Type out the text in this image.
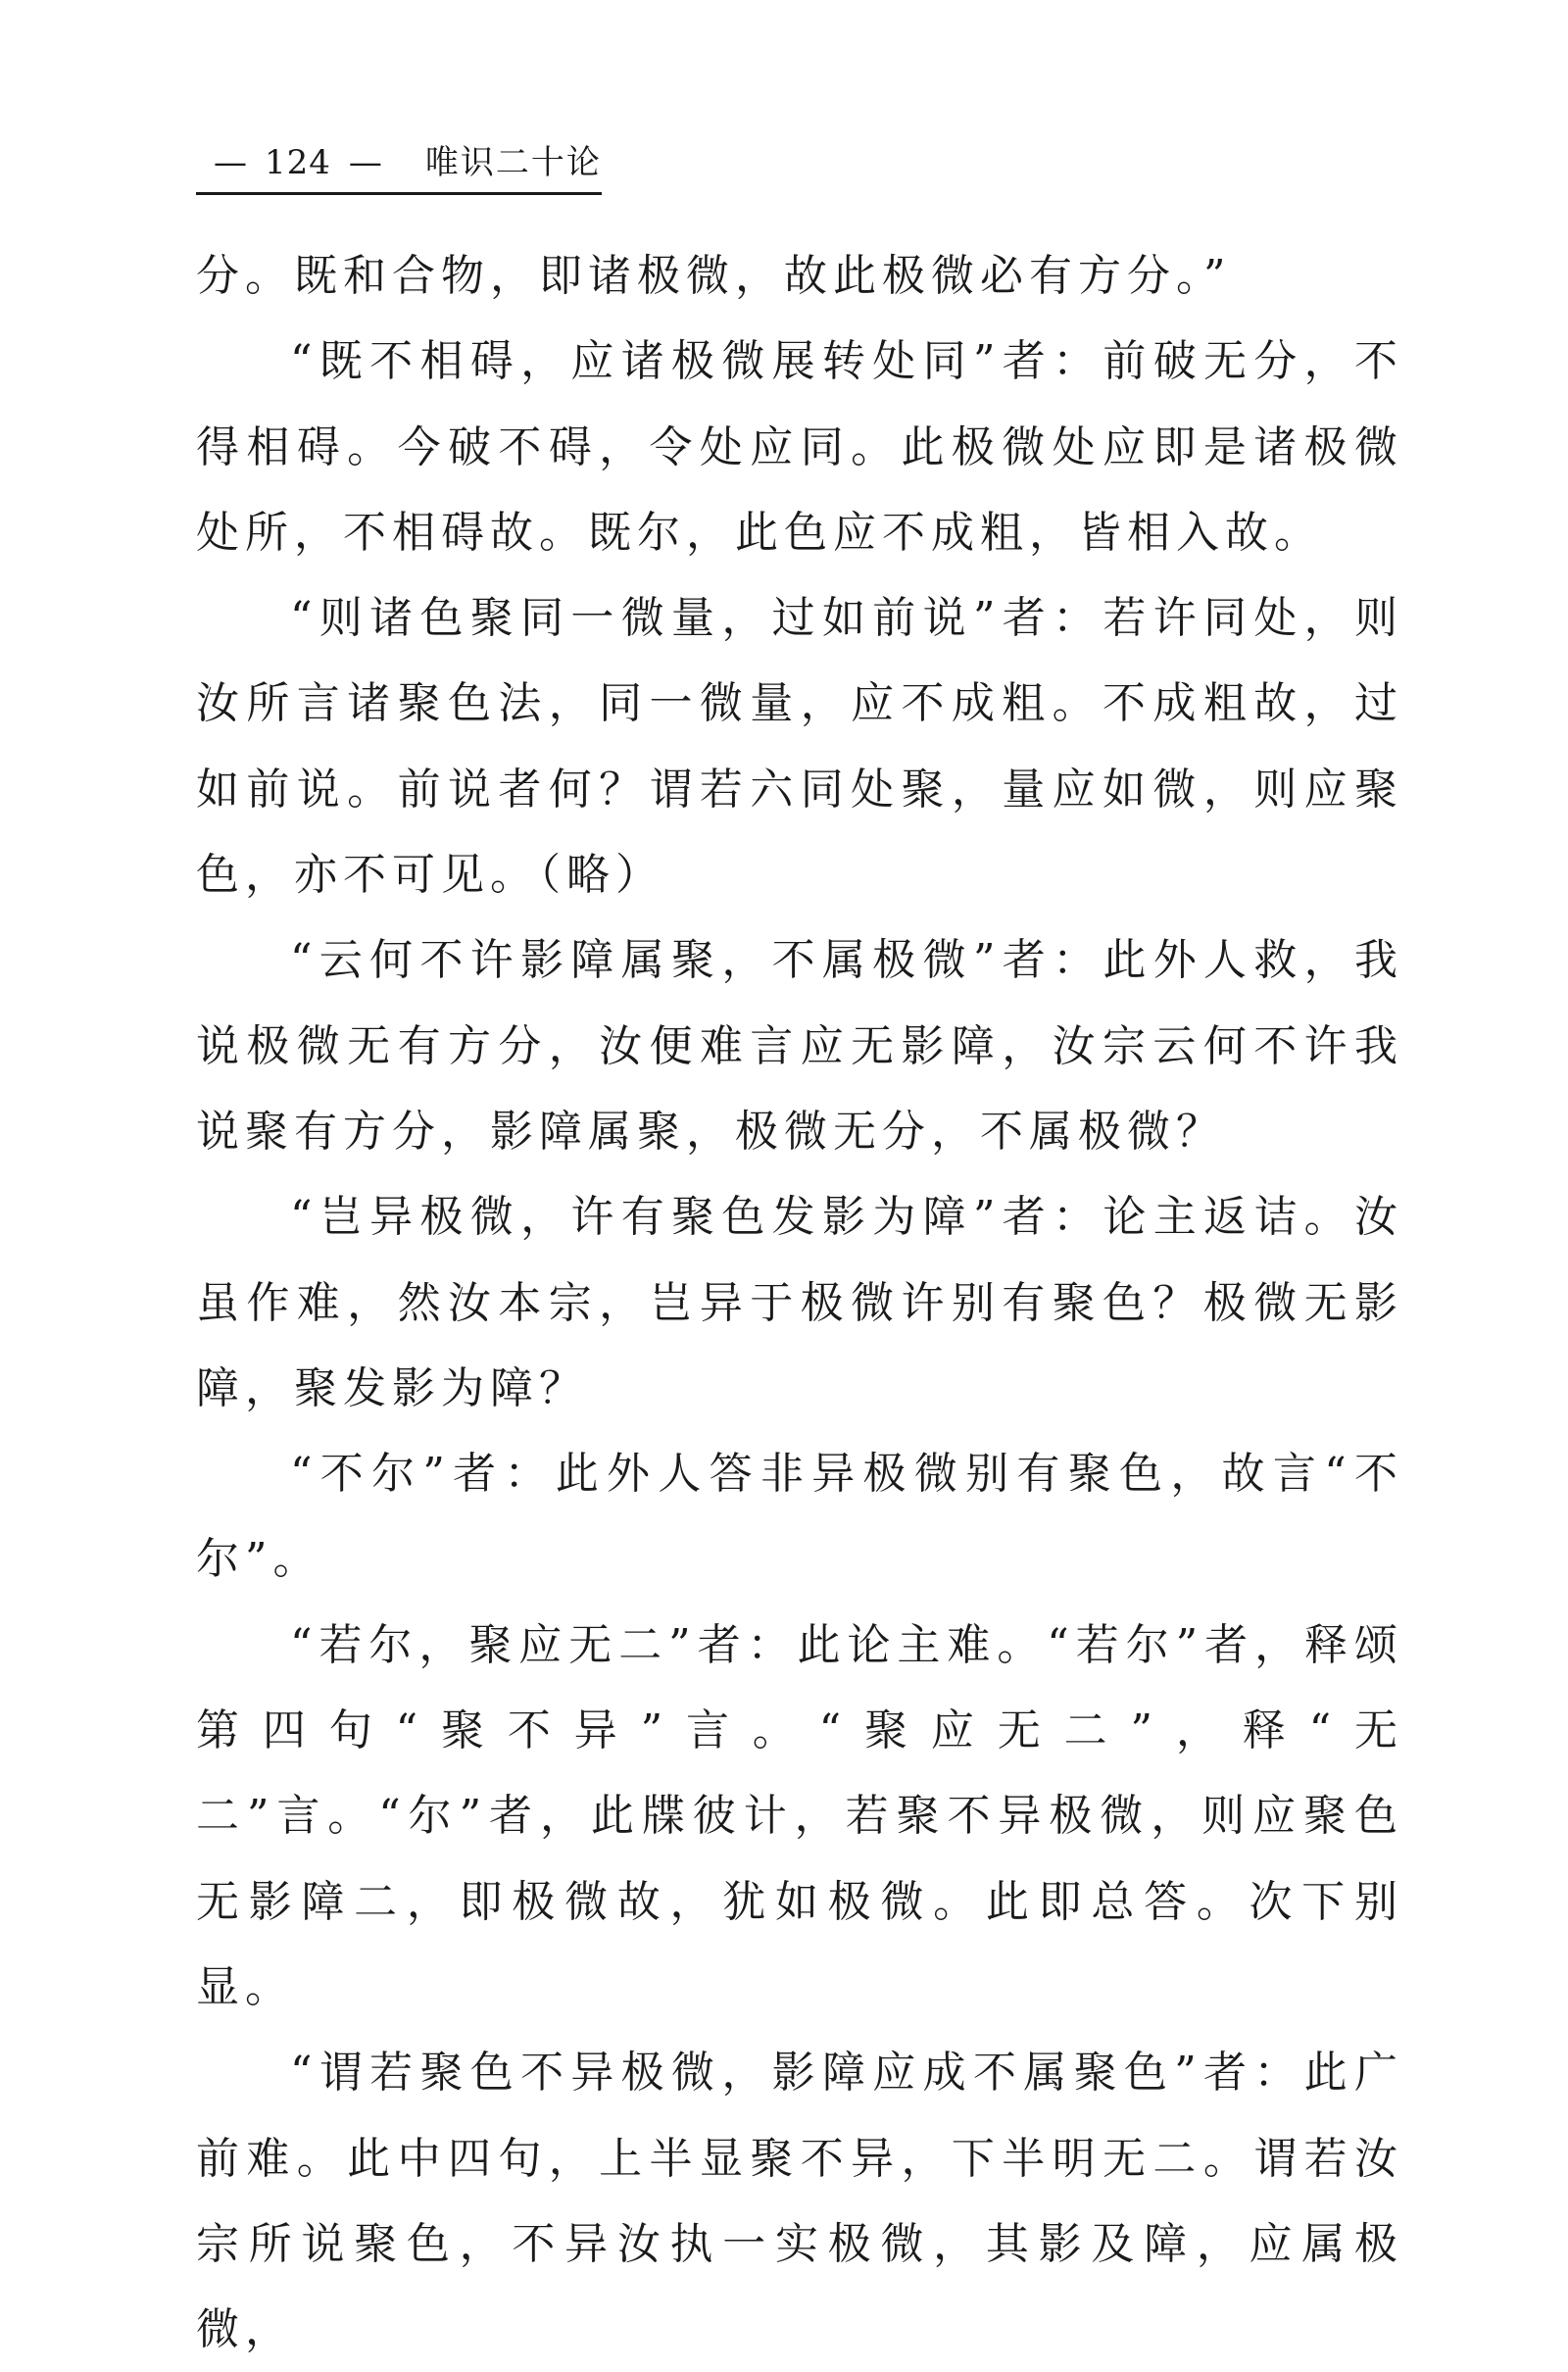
— 124 — 唯识二十论

分。既和合物，即诸极微，故此极微必有方分。”

“既不相碍，应诸极微展转处同”者：前破无分，不得相碍。今破不碍，令处应同。此极微处应即是诸极微处所，不相碍故。既尔，此色应不成粗，皆相入故。

“则诸色聚同一微量，过如前说”者：若许同处，则汝所言诸聚色法，同一微量，应不成粗。不成粗故，过如前说。前说者何？谓若六同处聚，量应如微，则应聚色，亦不可见。（略）

“云何不许影障属聚，不属极微”者：此外人救，我说极微无有方分，汝便难言应无影障，汝宗云何不许我说聚有方分，影障属聚，极微无分，不属极微？

“岂异极微，许有聚色发影为障”者：论主返诘。汝虽作难，然汝本宗，岂异于极微许别有聚色？极微无影障，聚发影为障？

“不尔”者：此外人答非异极微别有聚色，故言“不尔”。

“若尔，聚应无二”者：此论主难。“若尔”者，释颂第四句“聚不异”言。“聚应无二”，释“无二”言。“尔”者，此牒彼计，若聚不异极微，则应聚色无影障二，即极微故，犹如极微。此即总答。次下别显。

“谓若聚色不异极微，影障应成不属聚色”者：此广前难。此中四句，上半显聚不异，下半明无二。谓若汝宗所说聚色，不异汝执一实极微，其影及障，应属极微，
